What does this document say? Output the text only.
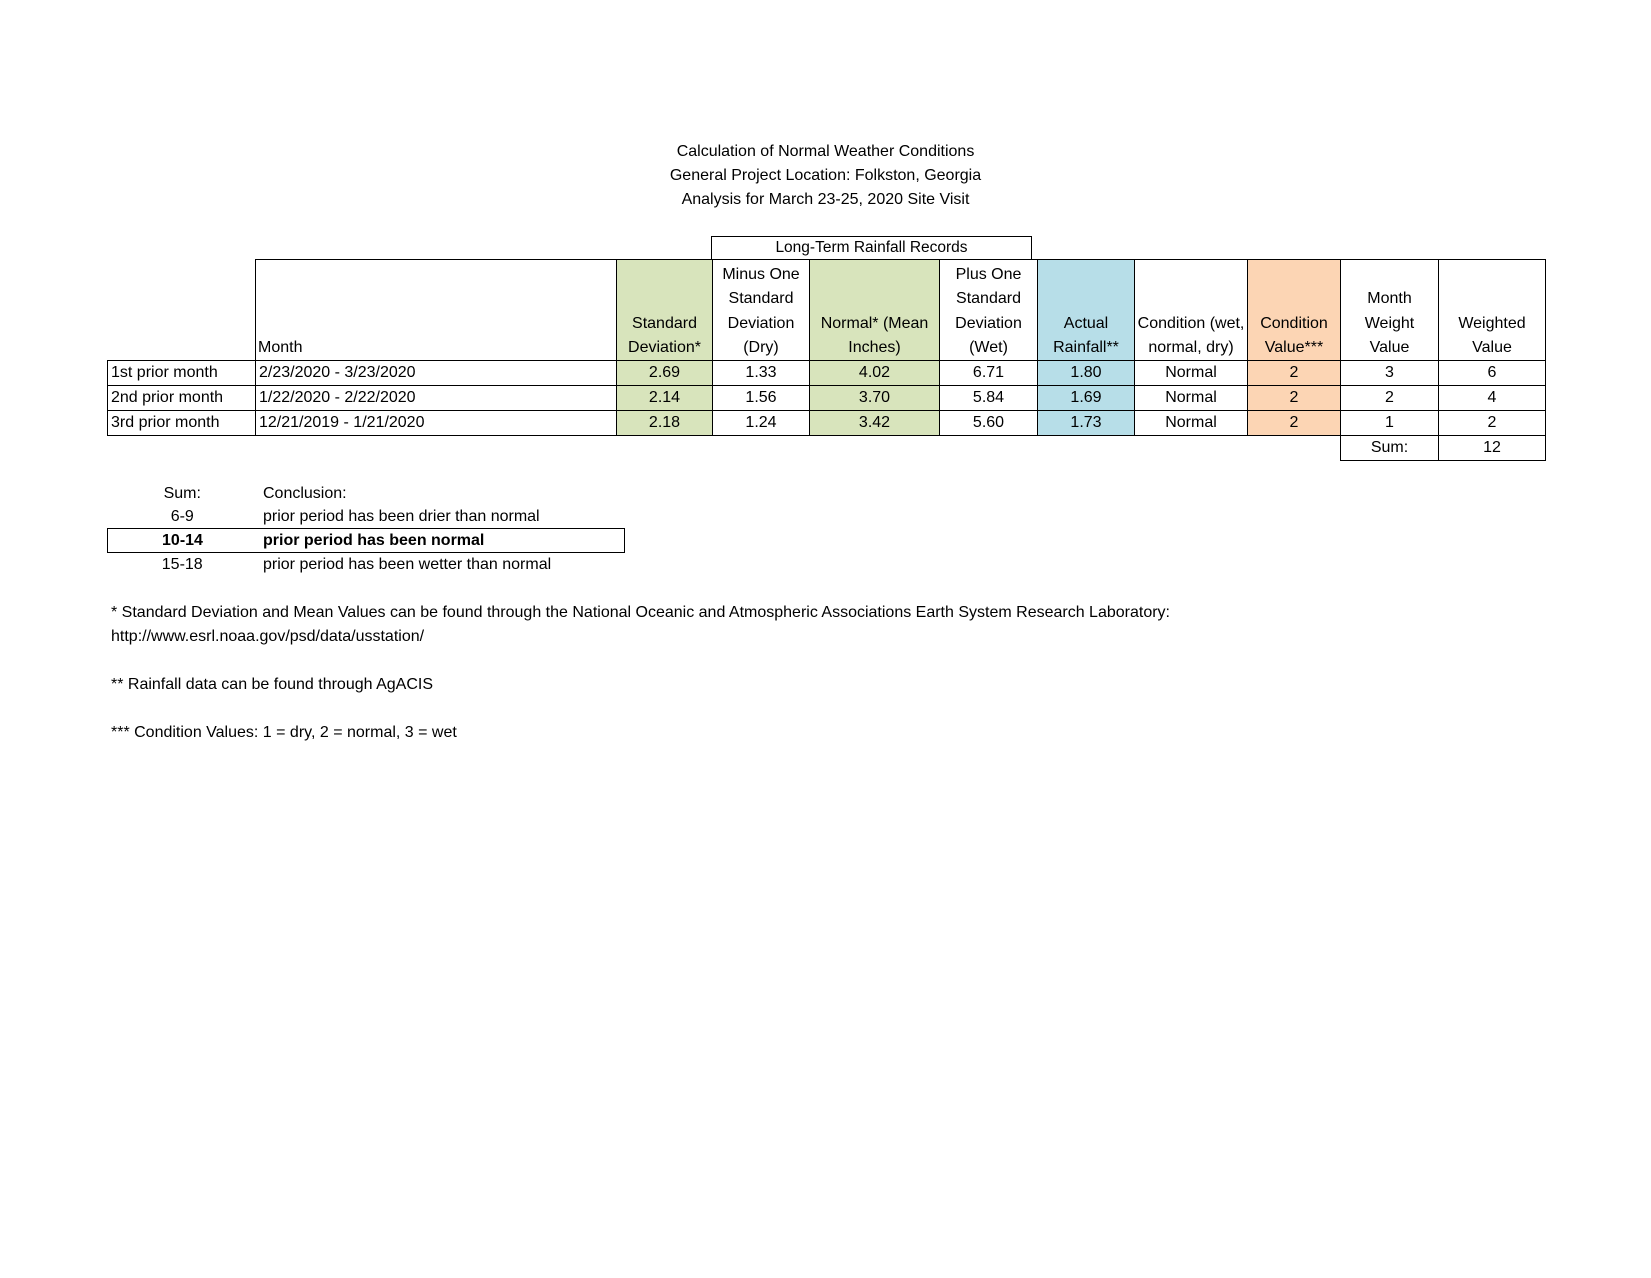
Calculation of Normal Weather Conditions
General Project Location: Folkston, Georgia
Analysis for March 23-25, 2020 Site Visit
Long-Term Rainfall Records
	Month	Standard Deviation*	Minus One Standard Deviation (Dry)	Normal* (Mean Inches)	Plus One Standard Deviation (Wet)	Actual Rainfall**	Condition (wet, normal, dry)	Condition Value***	Month Weight Value	Weighted Value
1st prior month	2/23/2020 - 3/23/2020	2.69	1.33	4.02	6.71	1.80	Normal	2	3	6
2nd prior month	1/22/2020 - 2/22/2020	2.14	1.56	3.70	5.84	1.69	Normal	2	2	4
3rd prior month	12/21/2019 - 1/21/2020	2.18	1.24	3.42	5.60	1.73	Normal	2	1	2
									Sum:	12
Sum:	Conclusion:
6-9	prior period has been drier than normal
10-14	prior period has been normal
15-18	prior period has been wetter than normal

* Standard Deviation and Mean Values can be found through the National Oceanic and Atmospheric Associations Earth System Research Laboratory:
http://www.esrl.noaa.gov/psd/data/usstation/

** Rainfall data can be found through AgACIS

*** Condition Values: 1 = dry, 2 = normal, 3 = wet
